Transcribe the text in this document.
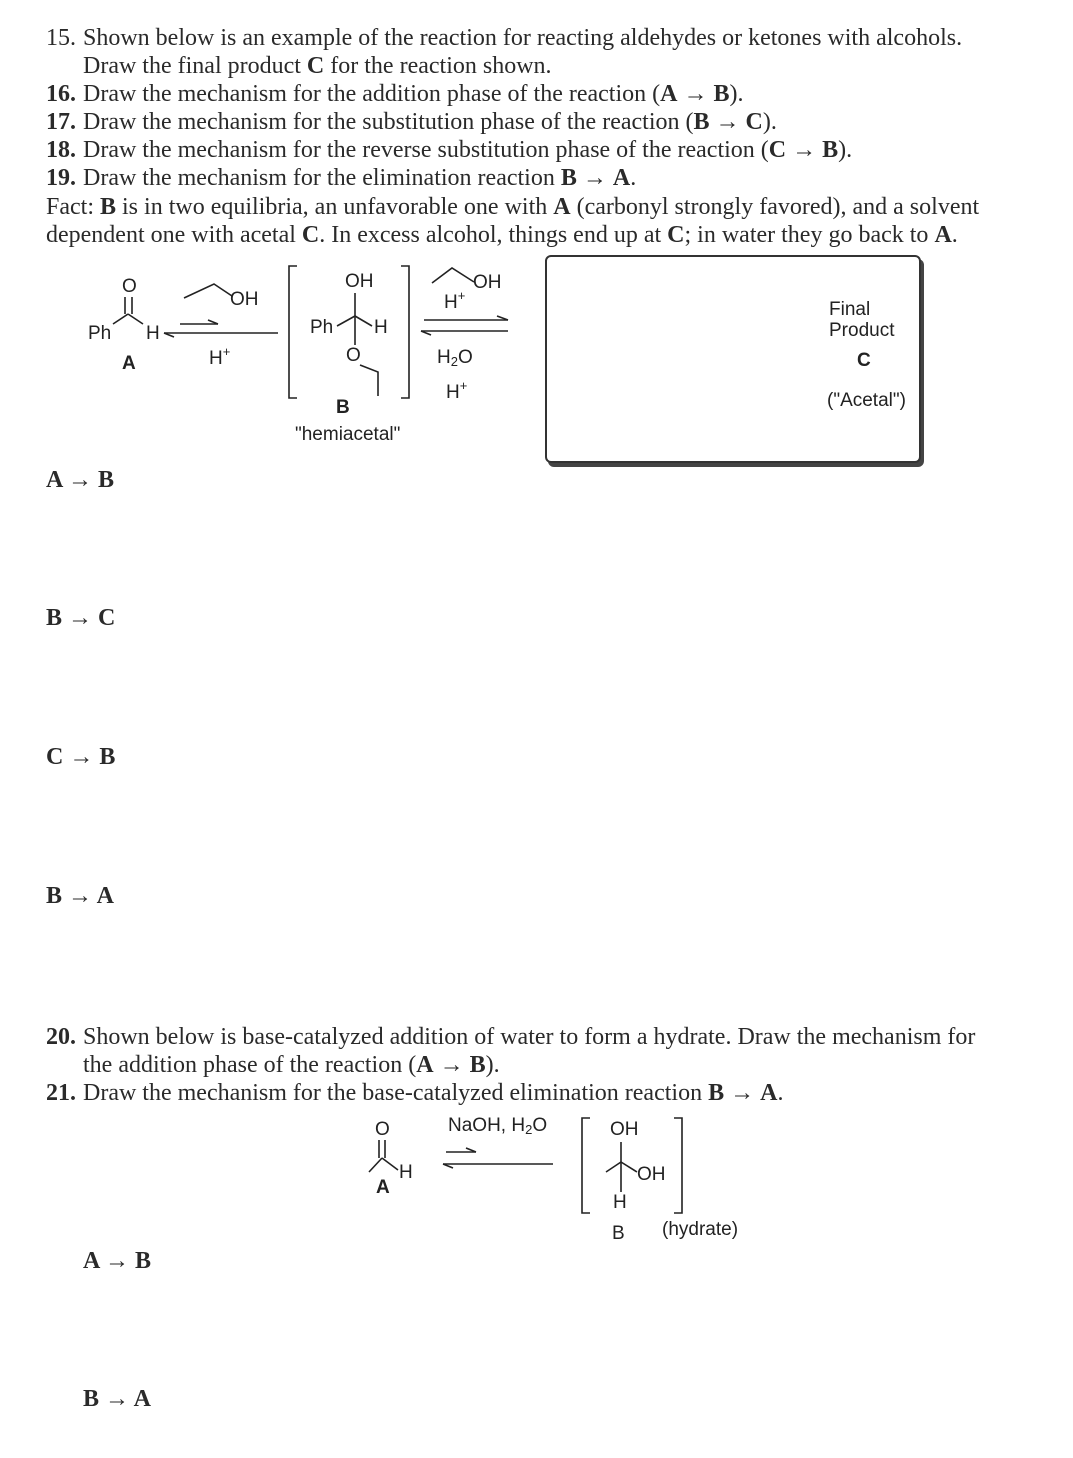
15. Shown below is an example of the reaction for reacting aldehydes or ketones with alcohols.
Draw the final product C for the reaction shown.
16. Draw the mechanism for the addition phase of the reaction (A → B).
17. Draw the mechanism for the substitution phase of the reaction (B → C).
18. Draw the mechanism for the reverse substitution phase of the reaction (C → B).
19. Draw the mechanism for the elimination reaction B → A.
Fact: B is in two equilibria, an unfavorable one with A (carbonyl strongly favored), and a solvent
dependent one with acetal C. In excess alcohol, things end up at C; in water they go back to A.
O
Ph H
A
OH
H+
OH
Ph H
O
B
"hemiacetal"
OH
H+
$H_2O$
H+
Final
Product
C
("Acetal")
A → B
B → C
C → B
B → A
20. Shown below is base-catalyzed addition of water to form a hydrate. Draw the mechanism for
the addition phase of the reaction (A → B).
21. Draw the mechanism for the base-catalyzed elimination reaction B → A.
O
H
A
NaOH, $H_2O$	OH
OH
H
B (hydrate)
A → B
B → A
